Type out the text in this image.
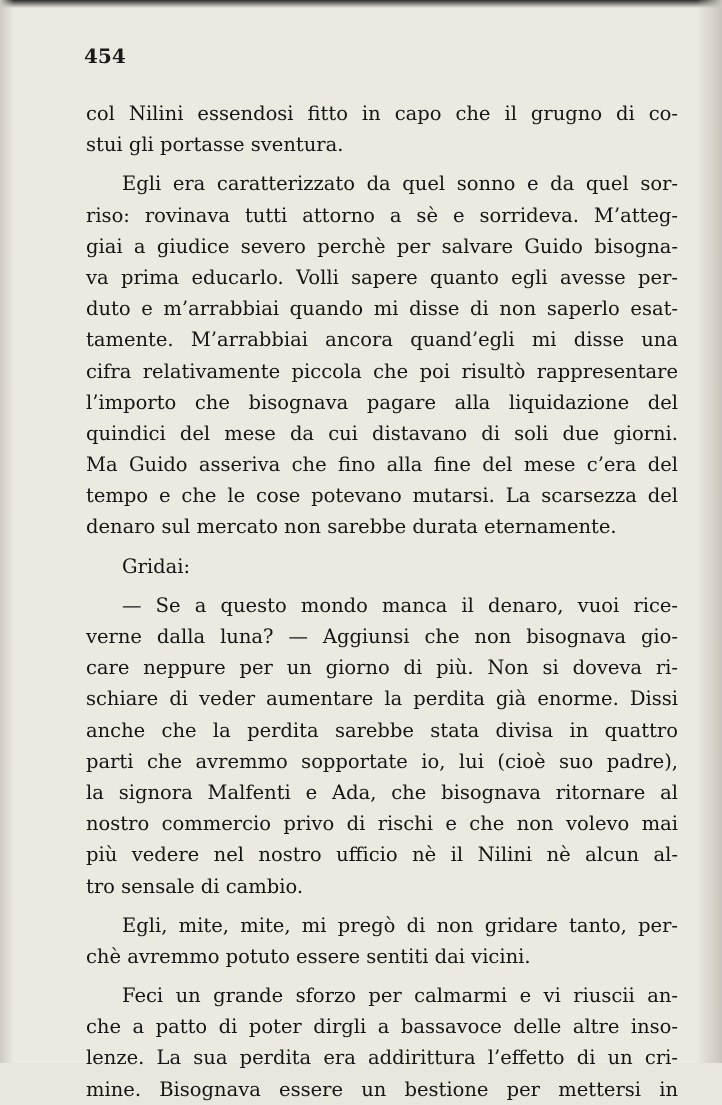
454
col Nilini essendosi fitto in capo che il grugno di co-
stui gli portasse sventura.
Egli era caratterizzato da quel sonno e da quel sor-
riso: rovinava tutti attorno a sè e sorrideva. M’atteg-
giai a giudice severo perchè per salvare Guido bisogna-
va prima educarlo. Volli sapere quanto egli avesse per-
duto e m’arrabbiai quando mi disse di non saperlo esat-
tamente. M’arrabbiai ancora quand’egli mi disse una
cifra relativamente piccola che poi risultò rappresentare
l’importo che bisognava pagare alla liquidazione del
quindici del mese da cui distavano di soli due giorni.
Ma Guido asseriva che fino alla fine del mese c’era del
tempo e che le cose potevano mutarsi. La scarsezza del
denaro sul mercato non sarebbe durata eternamente.
Gridai:
— Se a questo mondo manca il denaro, vuoi rice-
verne dalla luna? — Aggiunsi che non bisognava gio-
care neppure per un giorno di più. Non si doveva ri-
schiare di veder aumentare la perdita già enorme. Dissi
anche che la perdita sarebbe stata divisa in quattro
parti che avremmo sopportate io, lui (cioè suo padre),
la signora Malfenti e Ada, che bisognava ritornare al
nostro commercio privo di rischi e che non volevo mai
più vedere nel nostro ufficio nè il Nilini nè alcun al-
tro sensale di cambio.
Egli, mite, mite, mi pregò di non gridare tanto, per-
chè avremmo potuto essere sentiti dai vicini.
Feci un grande sforzo per calmarmi e vi riuscii an-
che a patto di poter dirgli a bassavoce delle altre inso-
lenze. La sua perdita era addirittura l’effetto di un cri-
mine. Bisognava essere un bestione per mettersi in
